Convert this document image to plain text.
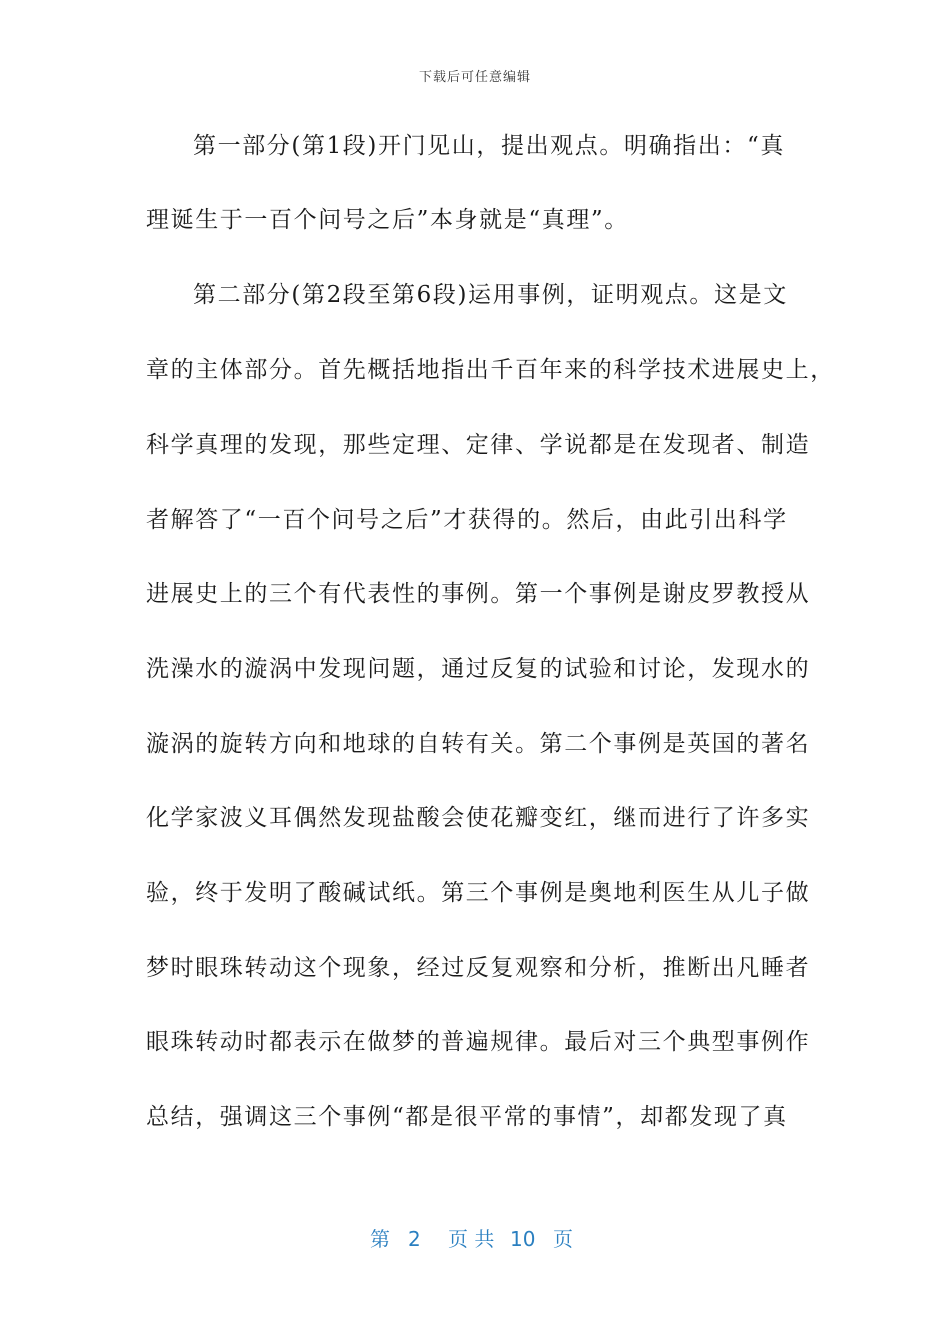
下载后可任意编辑
第一部分(第1段)开门见山，提出观点。明确指出：“真
理诞生于一百个问号之后”本身就是“真理”。
第二部分(第2段至第6段)运用事例，证明观点。这是文
章的主体部分。首先概括地指出千百年来的科学技术进展史上，
科学真理的发现，那些定理、定律、学说都是在发现者、制造
者解答了“一百个问号之后”才获得的。然后，由此引出科学
进展史上的三个有代表性的事例。第一个事例是谢皮罗教授从
洗澡水的漩涡中发现问题，通过反复的试验和讨论，发现水的
漩涡的旋转方向和地球的自转有关。第二个事例是英国的著名
化学家波义耳偶然发现盐酸会使花瓣变红，继而进行了许多实
验，终于发明了酸碱试纸。第三个事例是奥地利医生从儿子做
梦时眼珠转动这个现象，经过反复观察和分析，推断出凡睡者
眼珠转动时都表示在做梦的普遍规律。最后对三个典型事例作
总结，强调这三个事例“都是很平常的事情”，却都发现了真
第 2 页 共 10 页
